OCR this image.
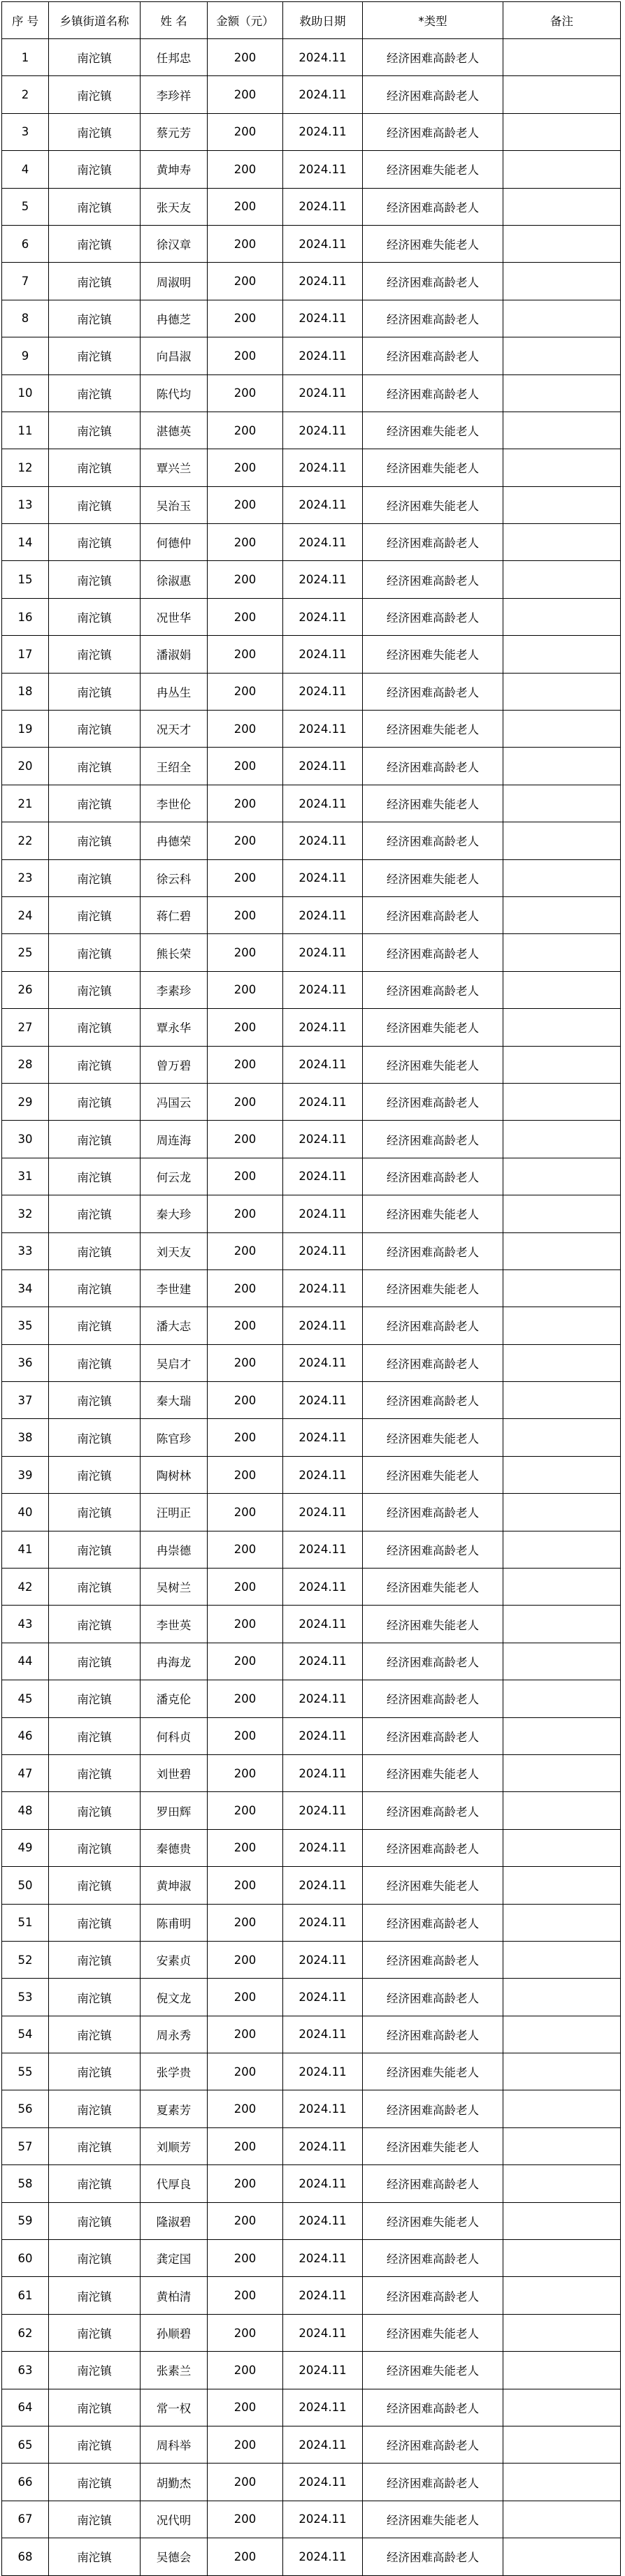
序 号	乡镇街道名称	姓 名	金额（元）	救助日期	*类型	备注
1	南沱镇	任邦忠	200	2024.11	经济困难高龄老人	
2	南沱镇	李珍祥	200	2024.11	经济困难高龄老人	
3	南沱镇	蔡元芳	200	2024.11	经济困难高龄老人	
4	南沱镇	黄坤寿	200	2024.11	经济困难失能老人	
5	南沱镇	张天友	200	2024.11	经济困难高龄老人	
6	南沱镇	徐汉章	200	2024.11	经济困难失能老人	
7	南沱镇	周淑明	200	2024.11	经济困难高龄老人	
8	南沱镇	冉德芝	200	2024.11	经济困难高龄老人	
9	南沱镇	向昌淑	200	2024.11	经济困难高龄老人	
10	南沱镇	陈代均	200	2024.11	经济困难高龄老人	
11	南沱镇	湛德英	200	2024.11	经济困难失能老人	
12	南沱镇	覃兴兰	200	2024.11	经济困难失能老人	
13	南沱镇	吴治玉	200	2024.11	经济困难失能老人	
14	南沱镇	何德仲	200	2024.11	经济困难高龄老人	
15	南沱镇	徐淑惠	200	2024.11	经济困难高龄老人	
16	南沱镇	况世华	200	2024.11	经济困难高龄老人	
17	南沱镇	潘淑娟	200	2024.11	经济困难失能老人	
18	南沱镇	冉丛生	200	2024.11	经济困难高龄老人	
19	南沱镇	况天才	200	2024.11	经济困难失能老人	
20	南沱镇	王绍全	200	2024.11	经济困难高龄老人	
21	南沱镇	李世伦	200	2024.11	经济困难失能老人	
22	南沱镇	冉德荣	200	2024.11	经济困难高龄老人	
23	南沱镇	徐云科	200	2024.11	经济困难失能老人	
24	南沱镇	蒋仁碧	200	2024.11	经济困难高龄老人	
25	南沱镇	熊长荣	200	2024.11	经济困难高龄老人	
26	南沱镇	李素珍	200	2024.11	经济困难高龄老人	
27	南沱镇	覃永华	200	2024.11	经济困难失能老人	
28	南沱镇	曾万碧	200	2024.11	经济困难失能老人	
29	南沱镇	冯国云	200	2024.11	经济困难高龄老人	
30	南沱镇	周连海	200	2024.11	经济困难高龄老人	
31	南沱镇	何云龙	200	2024.11	经济困难高龄老人	
32	南沱镇	秦大珍	200	2024.11	经济困难失能老人	
33	南沱镇	刘天友	200	2024.11	经济困难高龄老人	
34	南沱镇	李世建	200	2024.11	经济困难失能老人	
35	南沱镇	潘大志	200	2024.11	经济困难高龄老人	
36	南沱镇	吴启才	200	2024.11	经济困难高龄老人	
37	南沱镇	秦大瑞	200	2024.11	经济困难高龄老人	
38	南沱镇	陈官珍	200	2024.11	经济困难失能老人	
39	南沱镇	陶树林	200	2024.11	经济困难失能老人	
40	南沱镇	汪明正	200	2024.11	经济困难高龄老人	
41	南沱镇	冉崇德	200	2024.11	经济困难高龄老人	
42	南沱镇	吴树兰	200	2024.11	经济困难失能老人	
43	南沱镇	李世英	200	2024.11	经济困难失能老人	
44	南沱镇	冉海龙	200	2024.11	经济困难高龄老人	
45	南沱镇	潘克伦	200	2024.11	经济困难高龄老人	
46	南沱镇	何科贞	200	2024.11	经济困难高龄老人	
47	南沱镇	刘世碧	200	2024.11	经济困难失能老人	
48	南沱镇	罗田辉	200	2024.11	经济困难高龄老人	
49	南沱镇	秦德贵	200	2024.11	经济困难高龄老人	
50	南沱镇	黄坤淑	200	2024.11	经济困难失能老人	
51	南沱镇	陈甫明	200	2024.11	经济困难高龄老人	
52	南沱镇	安素贞	200	2024.11	经济困难高龄老人	
53	南沱镇	倪文龙	200	2024.11	经济困难高龄老人	
54	南沱镇	周永秀	200	2024.11	经济困难高龄老人	
55	南沱镇	张学贵	200	2024.11	经济困难失能老人	
56	南沱镇	夏素芳	200	2024.11	经济困难高龄老人	
57	南沱镇	刘顺芳	200	2024.11	经济困难失能老人	
58	南沱镇	代厚良	200	2024.11	经济困难高龄老人	
59	南沱镇	隆淑碧	200	2024.11	经济困难失能老人	
60	南沱镇	龚定国	200	2024.11	经济困难高龄老人	
61	南沱镇	黄柏清	200	2024.11	经济困难高龄老人	
62	南沱镇	孙顺碧	200	2024.11	经济困难失能老人	
63	南沱镇	张素兰	200	2024.11	经济困难失能老人	
64	南沱镇	常一权	200	2024.11	经济困难高龄老人	
65	南沱镇	周科举	200	2024.11	经济困难高龄老人	
66	南沱镇	胡勤杰	200	2024.11	经济困难高龄老人	
67	南沱镇	况代明	200	2024.11	经济困难失能老人	
68	南沱镇	吴德会	200	2024.11	经济困难高龄老人	
